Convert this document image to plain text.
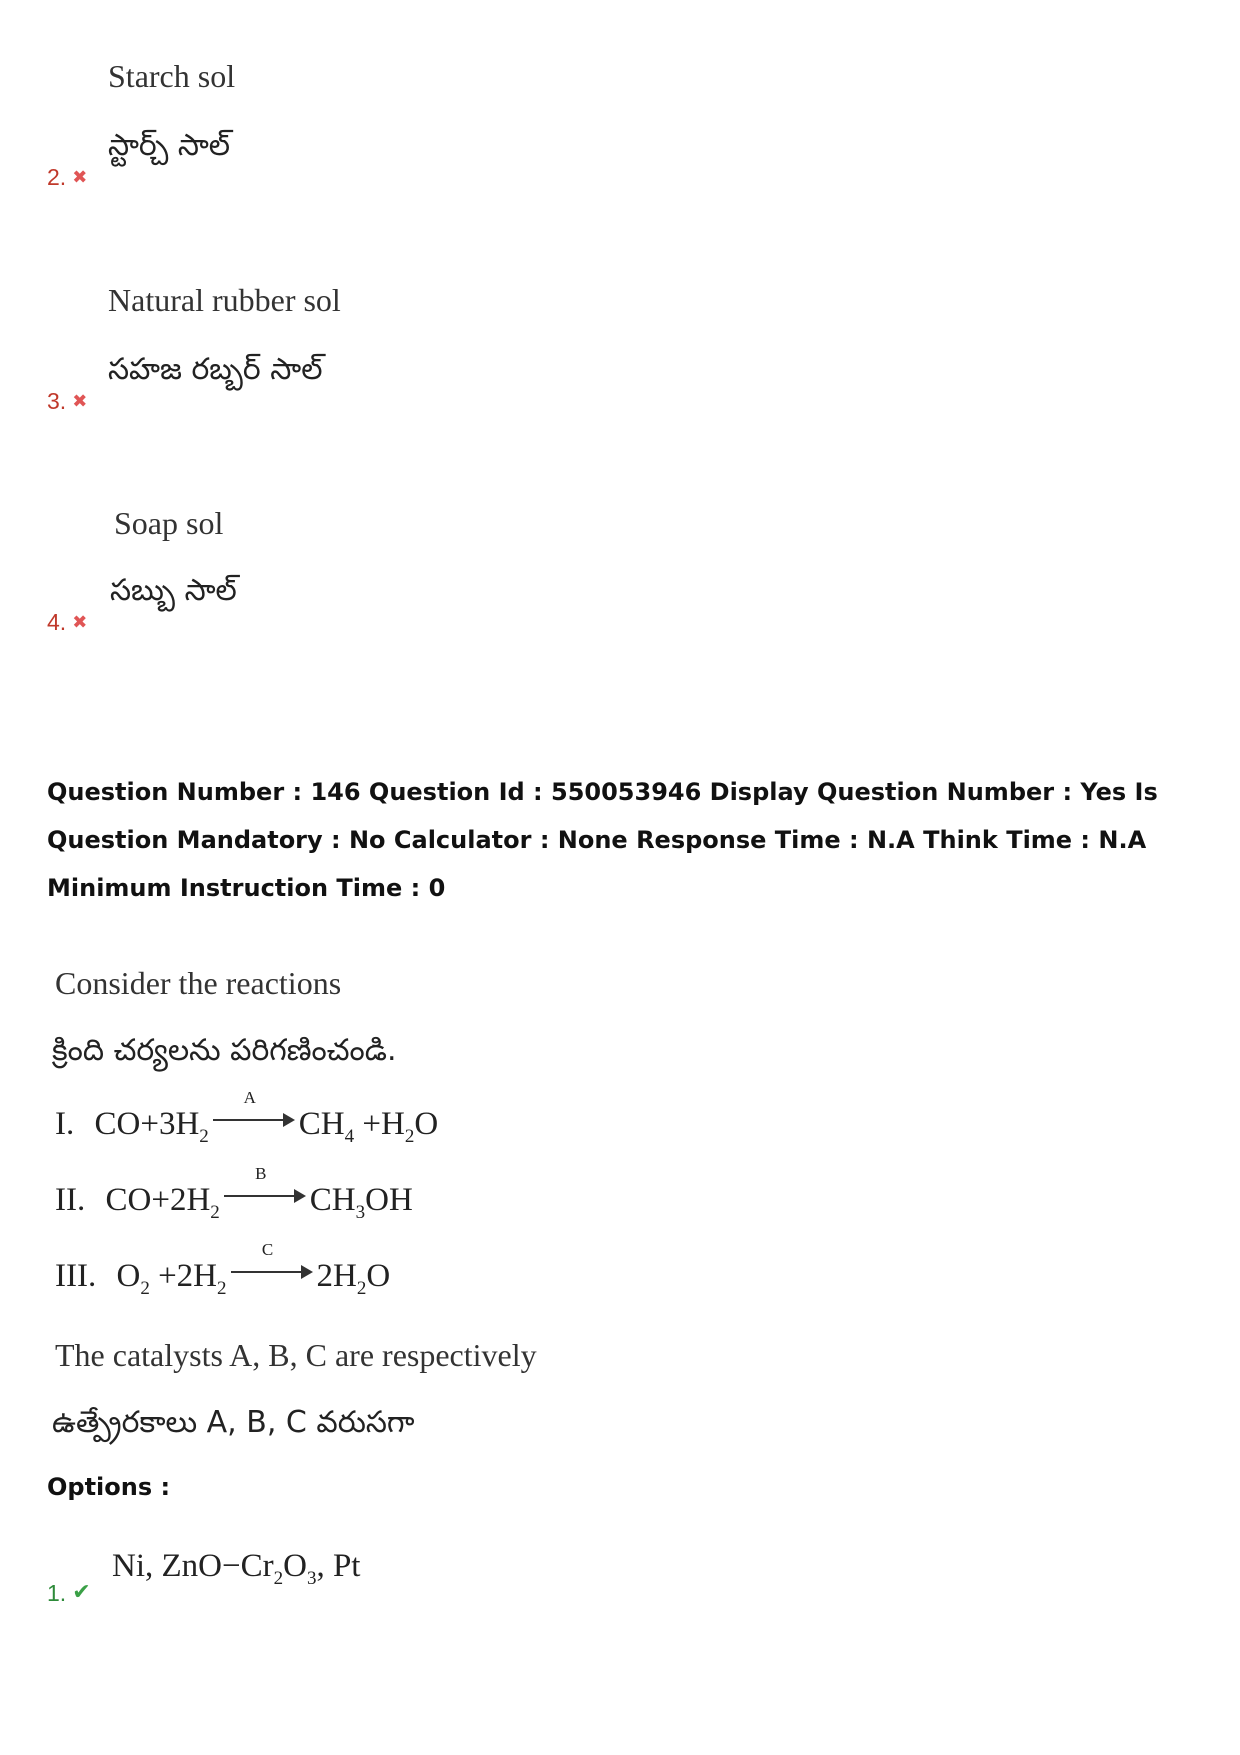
Starch sol
స్టార్చ్ సాల్
2. ✖
Natural rubber sol
సహజ రబ్బర్ సాల్
3. ✖
Soap sol
సబ్బు సాల్
4. ✖
Question Number : 146 Question Id : 550053946 Display Question Number : Yes Is Question Mandatory : No Calculator : None Response Time : N.A Think Time : N.A Minimum Instruction Time : 0
Consider the reactions
క్రింది చర్యలను పరిగణించండి.
I. $CO+3H_2$
A
$CH_4 +H_2O$
II. $CO+2H_2$
B
$CH_3OH$
III. $O_2 +2H_2$
C
$2H_2O$
The catalysts A, B, C are respectively
ఉత్ప్రేరకాలు A, B, C వరుసగా
Options :
Ni, $ZnO-Cr_2O_3$, Pt
1. ✔
